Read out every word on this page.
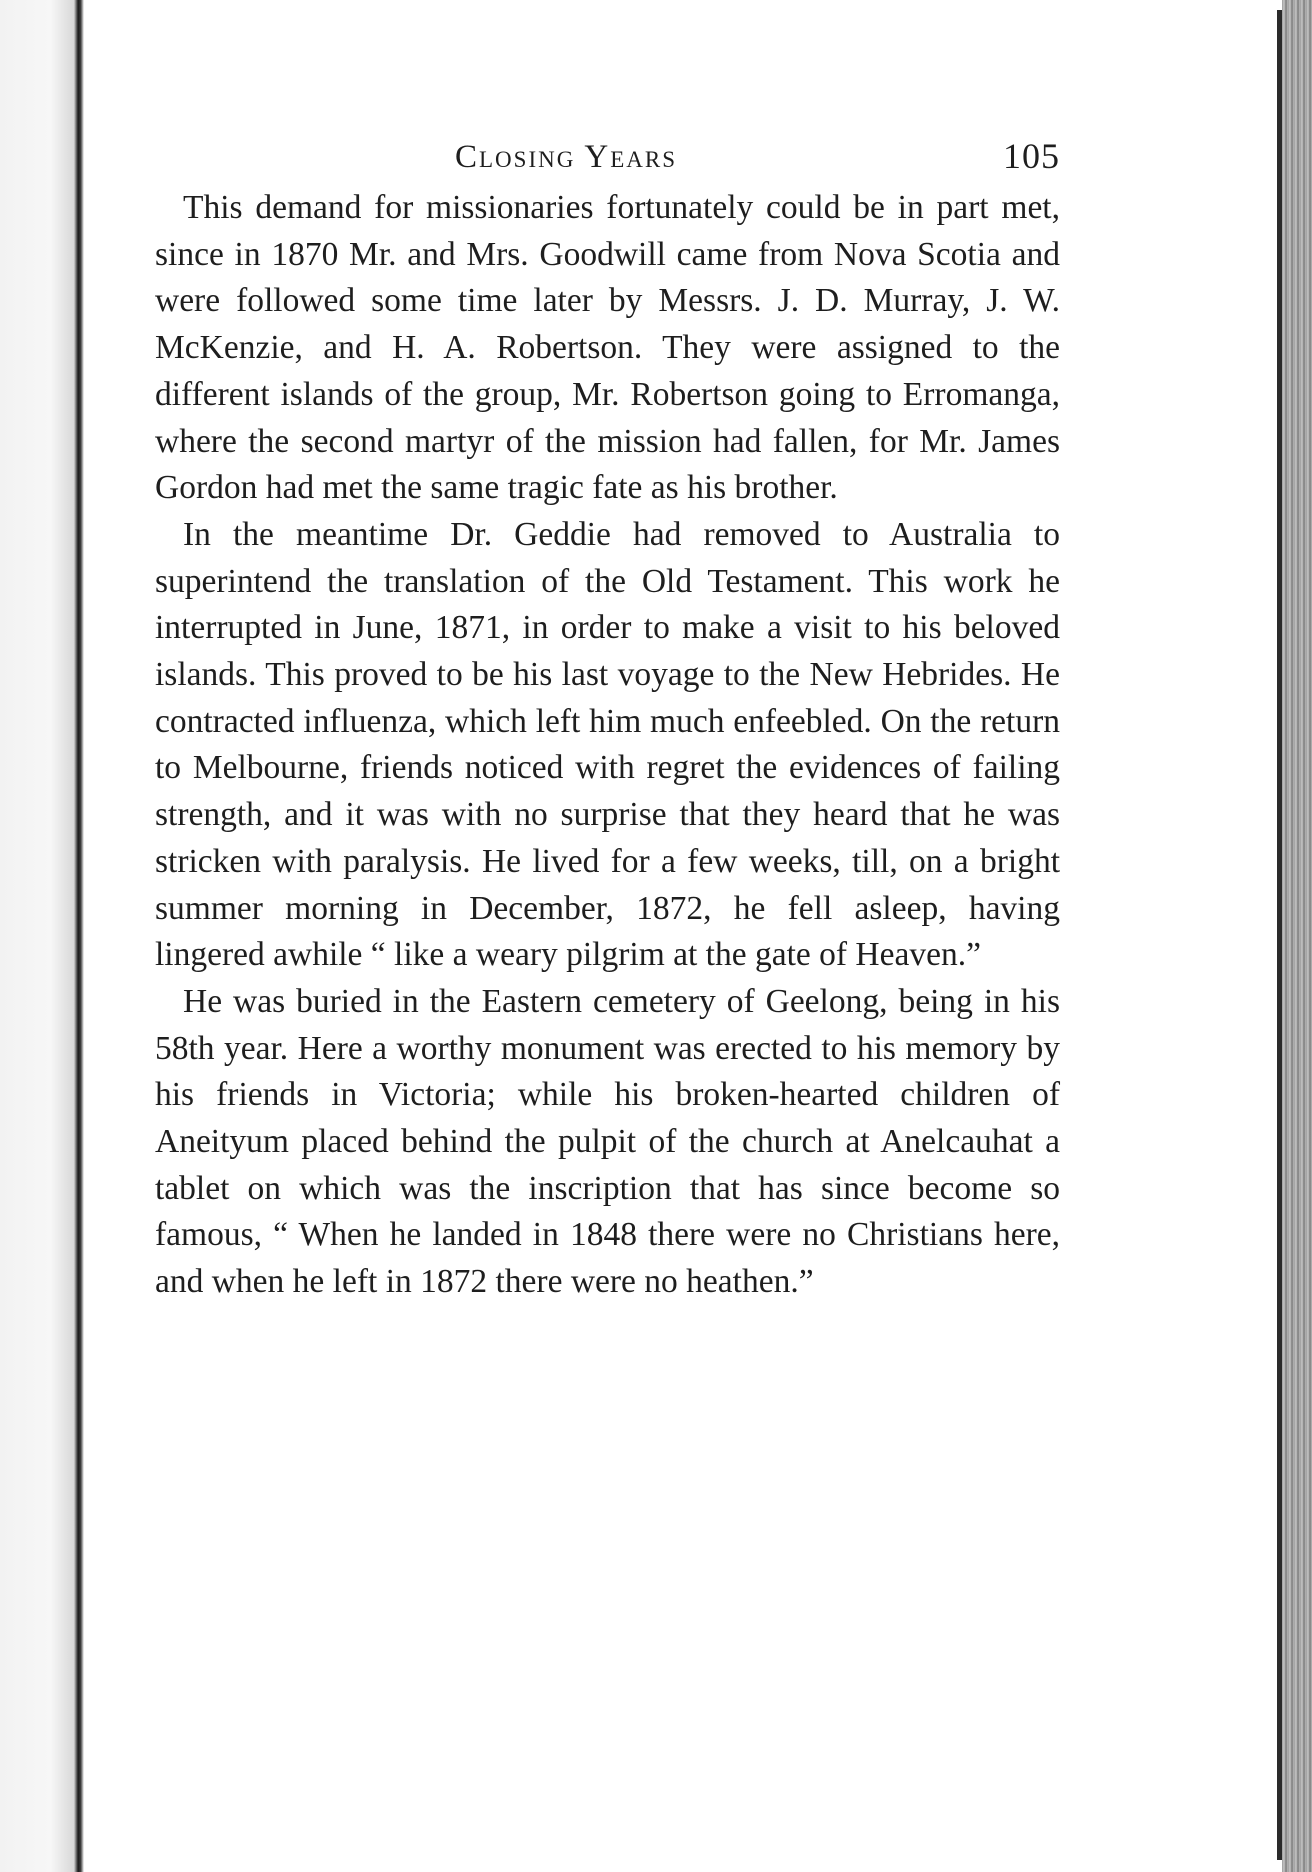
Closing Years	105

This demand for missionaries fortunately could be in part met, since in 1870 Mr. and Mrs. Goodwill came from Nova Scotia and were followed some time later by Messrs. J. D. Murray, J. W. McKenzie, and H. A. Robertson. They were assigned to the different islands of the group, Mr. Robertson going to Erromanga, where the second martyr of the mission had fallen, for Mr. James Gordon had met the same tragic fate as his brother.

In the meantime Dr. Geddie had removed to Australia to superintend the translation of the Old Testament. This work he interrupted in June, 1871, in order to make a visit to his beloved islands. This proved to be his last voyage to the New Hebrides. He contracted influenza, which left him much enfeebled. On the return to Melbourne, friends noticed with regret the evidences of failing strength, and it was with no surprise that they heard that he was stricken with paralysis. He lived for a few weeks, till, on a bright summer morning in December, 1872, he fell asleep, having lingered awhile “ like a weary pilgrim at the gate of Heaven.”

He was buried in the Eastern cemetery of Geelong, being in his 58th year. Here a worthy monument was erected to his memory by his friends in Victoria; while his broken-hearted children of Aneityum placed behind the pulpit of the church at Anelcauhat a tablet on which was the inscription that has since become so famous, “ When he landed in 1848 there were no Christians here, and when he left in 1872 there were no heathen.”
